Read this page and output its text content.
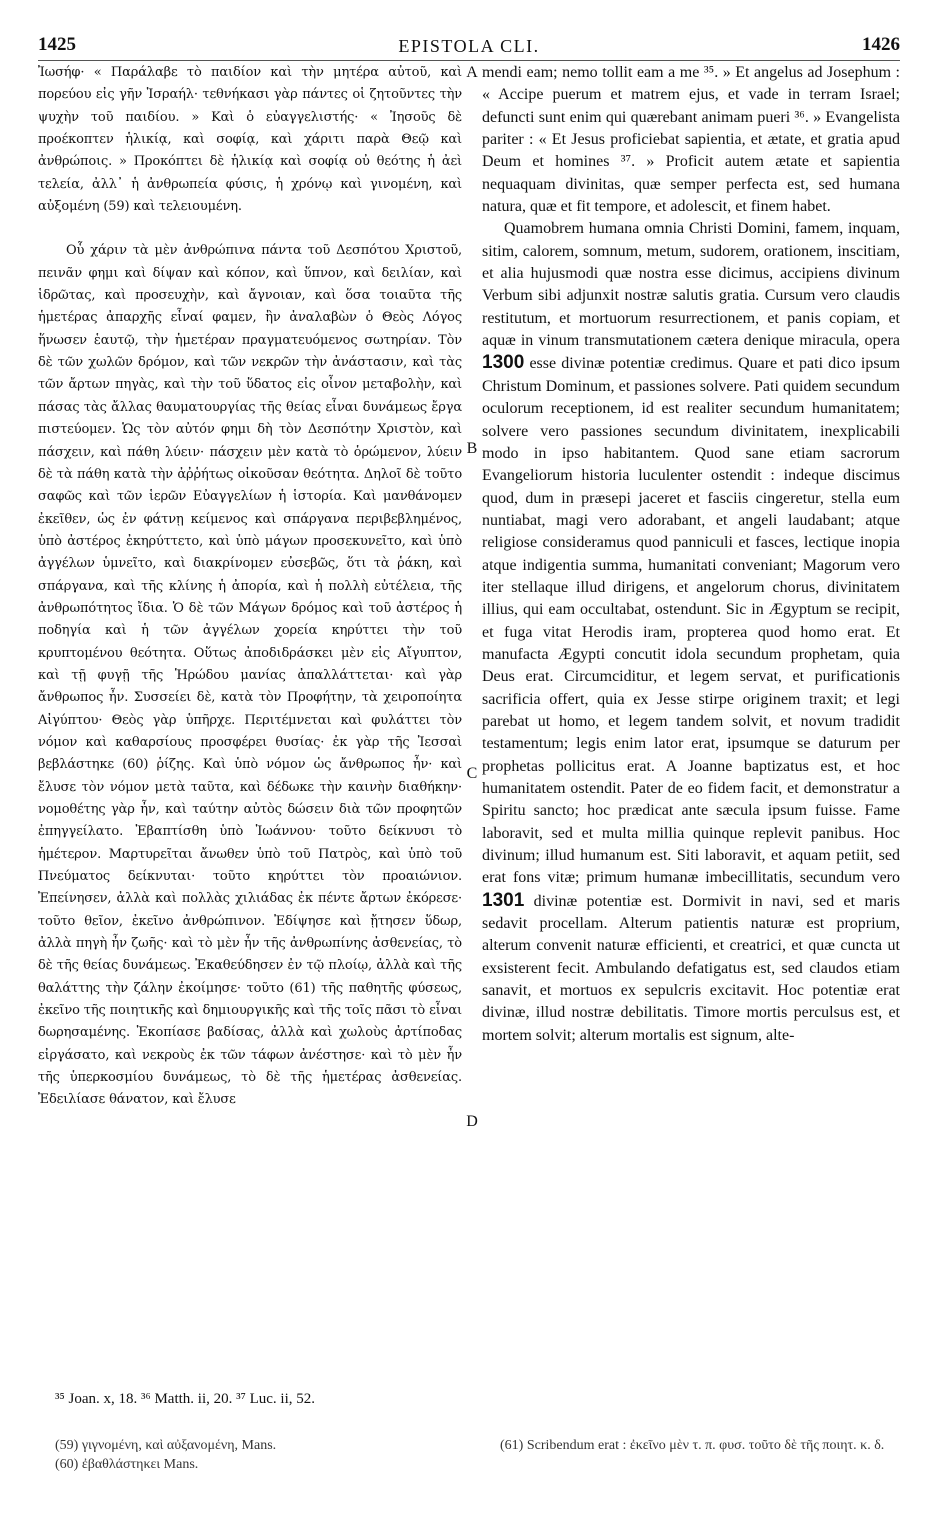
1425	EPISTOLA CLI.	1426

Ἰωσήφ· « Παράλαβε τὸ παιδίον καὶ τὴν μητέρα αὐτοῦ, καὶ πορεύου εἰς γῆν Ἰσραήλ· τεθνήκασι γὰρ πάντες οἱ ζητοῦντες τὴν ψυχὴν τοῦ παιδίου. » Καὶ ὁ εὐαγγελιστής· « Ἰησοῦς δὲ προέκοπτεν ἡλικίᾳ, καὶ σοφίᾳ, καὶ χάριτι παρὰ Θεῷ καὶ ἀνθρώποις. » Προκόπτει δὲ ἡλικίᾳ καὶ σοφίᾳ οὐ θεότης ἡ ἀεὶ τελεία, ἀλλ᾽ ἡ ἀνθρωπεία φύσις, ἡ χρόνῳ καὶ γινομένη, καὶ αὐξομένη (59) καὶ τελειουμένη.

Οὗ χάριν τὰ μὲν ἀνθρώπινα πάντα τοῦ Δεσπότου Χριστοῦ, πεινᾶν φημι καὶ δίψαν καὶ κόπον, καὶ ὕπνον, καὶ δειλίαν, καὶ ἱδρῶτας, καὶ προσευχὴν, καὶ ἄγνοιαν, καὶ ὅσα τοιαῦτα τῆς ἡμετέρας ἀπαρχῆς εἶναί φαμεν, ἣν ἀναλαβὼν ὁ Θεὸς Λόγος ἥνωσεν ἑαυτῷ, τὴν ἡμετέραν πραγματευόμενος σωτηρίαν. Τὸν δὲ τῶν χωλῶν δρόμον, καὶ τῶν νεκρῶν τὴν ἀνάστασιν, καὶ τὰς τῶν ἄρτων πηγὰς, καὶ τὴν τοῦ ὕδατος εἰς οἶνον μεταβολὴν, καὶ πάσας τὰς ἄλλας θαυματουργίας τῆς θείας εἶναι δυνάμεως ἔργα πιστεύομεν. Ὡς τὸν αὐτόν φημι δὴ τὸν Δεσπότην Χριστὸν, καὶ πάσχειν, καὶ πάθη λύειν· πάσχειν μὲν κατὰ τὸ ὁρώμενον, λύειν δὲ τὰ πάθη κατὰ τὴν ἀῤῥήτως οἰκοῦσαν θεότητα. Δηλοῖ δὲ τοῦτο σαφῶς καὶ τῶν ἱερῶν Εὐαγγελίων ἡ ἱστορία. Καὶ μανθάνομεν ἐκεῖθεν, ὡς ἐν φάτνῃ κείμενος καὶ σπάργανα περιβεβλημένος, ὑπὸ ἀστέρος ἐκηρύττετο, καὶ ὑπὸ μάγων προσεκυνεῖτο, καὶ ὑπὸ ἀγγέλων ὑμνεῖτο, καὶ διακρίνομεν εὐσεβῶς, ὅτι τὰ ῥάκη, καὶ σπάργανα, καὶ τῆς κλίνης ἡ ἀπορία, καὶ ἡ πολλὴ εὐτέλεια, τῆς ἀνθρωπότητος ἴδια. Ὁ δὲ τῶν Μάγων δρόμος καὶ τοῦ ἀστέρος ἡ ποδηγία καὶ ἡ τῶν ἀγγέλων χορεία κηρύττει τὴν τοῦ κρυπτομένου θεότητα. Οὕτως ἀποδιδράσκει μὲν εἰς Αἴγυπτον, καὶ τῇ φυγῇ τῆς Ἡρώδου μανίας ἀπαλλάττεται· καὶ γὰρ ἄνθρωπος ἦν. Συσσείει δὲ, κατὰ τὸν Προφήτην, τὰ χειροποίητα Αἰγύπτου· Θεὸς γὰρ ὑπῆρχε. Περιτέμνεται καὶ φυλάττει τὸν νόμον καὶ καθαρσίους προσφέρει θυσίας· ἐκ γὰρ τῆς Ἰεσσαὶ βεβλάστηκε (60) ῥίζης. Καὶ ὑπὸ νόμον ὡς ἄνθρωπος ἦν· καὶ ἔλυσε τὸν νόμον μετὰ ταῦτα, καὶ δέδωκε τὴν καινὴν διαθήκην· νομοθέτης γὰρ ἦν, καὶ ταύτην αὐτὸς δώσειν διὰ τῶν προφητῶν ἐπηγγείλατο. Ἐβαπτίσθη ὑπὸ Ἰωάννου· τοῦτο δείκνυσι τὸ ἡμέτερον. Μαρτυρεῖται ἄνωθεν ὑπὸ τοῦ Πατρὸς, καὶ ὑπὸ τοῦ Πνεύματος δείκνυται· τοῦτο κηρύττει τὸν προαιώνιον. Ἐπείνησεν, ἀλλὰ καὶ πολλὰς χιλιάδας ἐκ πέντε ἄρτων ἐκόρεσε· τοῦτο θεῖον, ἐκεῖνο ἀνθρώπινον. Ἐδίψησε καὶ ᾔτησεν ὕδωρ, ἀλλὰ πηγὴ ἦν ζωῆς· καὶ τὸ μὲν ἦν τῆς ἀνθρωπίνης ἀσθενείας, τὸ δὲ τῆς θείας δυνάμεως. Ἐκαθεύδησεν ἐν τῷ πλοίῳ, ἀλλὰ καὶ τῆς θαλάττης τὴν ζάλην ἐκοίμησε· τοῦτο (61) τῆς παθητῆς φύσεως, ἐκεῖνο τῆς ποιητικῆς καὶ δημιουργικῆς καὶ τῆς τοῖς πᾶσι τὸ εἶναι δωρησαμένης. Ἐκοπίασε βαδίσας, ἀλλὰ καὶ χωλοὺς ἀρτίποδας εἰργάσατο, καὶ νεκροὺς ἐκ τῶν τάφων ἀνέστησε· καὶ τὸ μὲν ἦν τῆς ὑπερκοσμίου δυνάμεως, τὸ δὲ τῆς ἡμετέρας ἀσθενείας. Ἐδειλίασε θάνατον, καὶ ἔλυσε

A
B
C
D

mendi eam; nemo tollit eam a me ³⁵. » Et angelus ad Josephum : « Accipe puerum et matrem ejus, et vade in terram Israel; defuncti sunt enim qui quærebant animam pueri ³⁶. » Evangelista pariter : « Et Jesus proficiebat sapientia, et ætate, et gratia apud Deum et homines ³⁷. » Proficit autem ætate et sapientia nequaquam divinitas, quæ semper perfecta est, sed humana natura, quæ et fit tempore, et adolescit, et finem habet.

Quamobrem humana omnia Christi Domini, famem, inquam, sitim, calorem, somnum, metum, sudorem, orationem, inscitiam, et alia hujusmodi quæ nostra esse dicimus, accipiens divinum Verbum sibi adjunxit nostræ salutis gratia. Cursum vero claudis restitutum, et mortuorum resurrectionem, et panis copiam, et aquæ in vinum transmutationem cætera denique miracula, opera 1300 esse divinæ potentiæ credimus. Quare et pati dico ipsum Christum Dominum, et passiones solvere. Pati quidem secundum oculorum receptionem, id est realiter secundum humanitatem; solvere vero passiones secundum divinitatem, inexplicabili modo in ipso habitantem. Quod sane etiam sacrorum Evangeliorum historia luculenter ostendit : indeque discimus quod, dum in præsepi jaceret et fasciis cingeretur, stella eum nuntiabat, magi vero adorabant, et angeli laudabant; atque religiose consideramus quod panniculi et fasces, lectique inopia atque indigentia summa, humanitati conveniant; Magorum vero iter stellaque illud dirigens, et angelorum chorus, divinitatem illius, qui eam occultabat, ostendunt. Sic in Ægyptum se recipit, et fuga vitat Herodis iram, propterea quod homo erat. Et manufacta Ægypti concutit idola secundum prophetam, quia Deus erat. Circumciditur, et legem servat, et purificationis sacrificia offert, quia ex Jesse stirpe originem traxit; et legi parebat ut homo, et legem tandem solvit, et novum tradidit testamentum; legis enim lator erat, ipsumque se daturum per prophetas pollicitus erat. A Joanne baptizatus est, et hoc humanitatem ostendit. Pater de eo fidem facit, et demonstratur a Spiritu sancto; hoc prædicat ante sæcula ipsum fuisse. Fame laboravit, sed et multa millia quinque replevit panibus. Hoc divinum; illud humanum est. Siti laboravit, et aquam petiit, sed erat fons vitæ; primum humanæ imbecillitatis, secundum vero 1301 divinæ potentiæ est. Dormivit in navi, sed et maris sedavit procellam. Alterum patientis naturæ est proprium, alterum convenit naturæ efficienti, et creatrici, et quæ cuncta ut exsisterent fecit. Ambulando defatigatus est, sed claudos etiam sanavit, et mortuos ex sepulcris excitavit. Hoc potentiæ erat divinæ, illud nostræ debilitatis. Timore mortis perculsus est, et mortem solvit; alterum mortalis est signum, alte-

³⁵ Joan. x, 18. ³⁶ Matth. ii, 20. ³⁷ Luc. ii, 52.

(59) γιγνομένη, καὶ αὐξανομένη, Mans.

(60) ἐβαθλάστηκει Mans.

(61) Scribendum erat : ἐκεῖνο μὲν τ. π. φυσ. τοῦτο δὲ τῆς ποιητ. κ. δ.
